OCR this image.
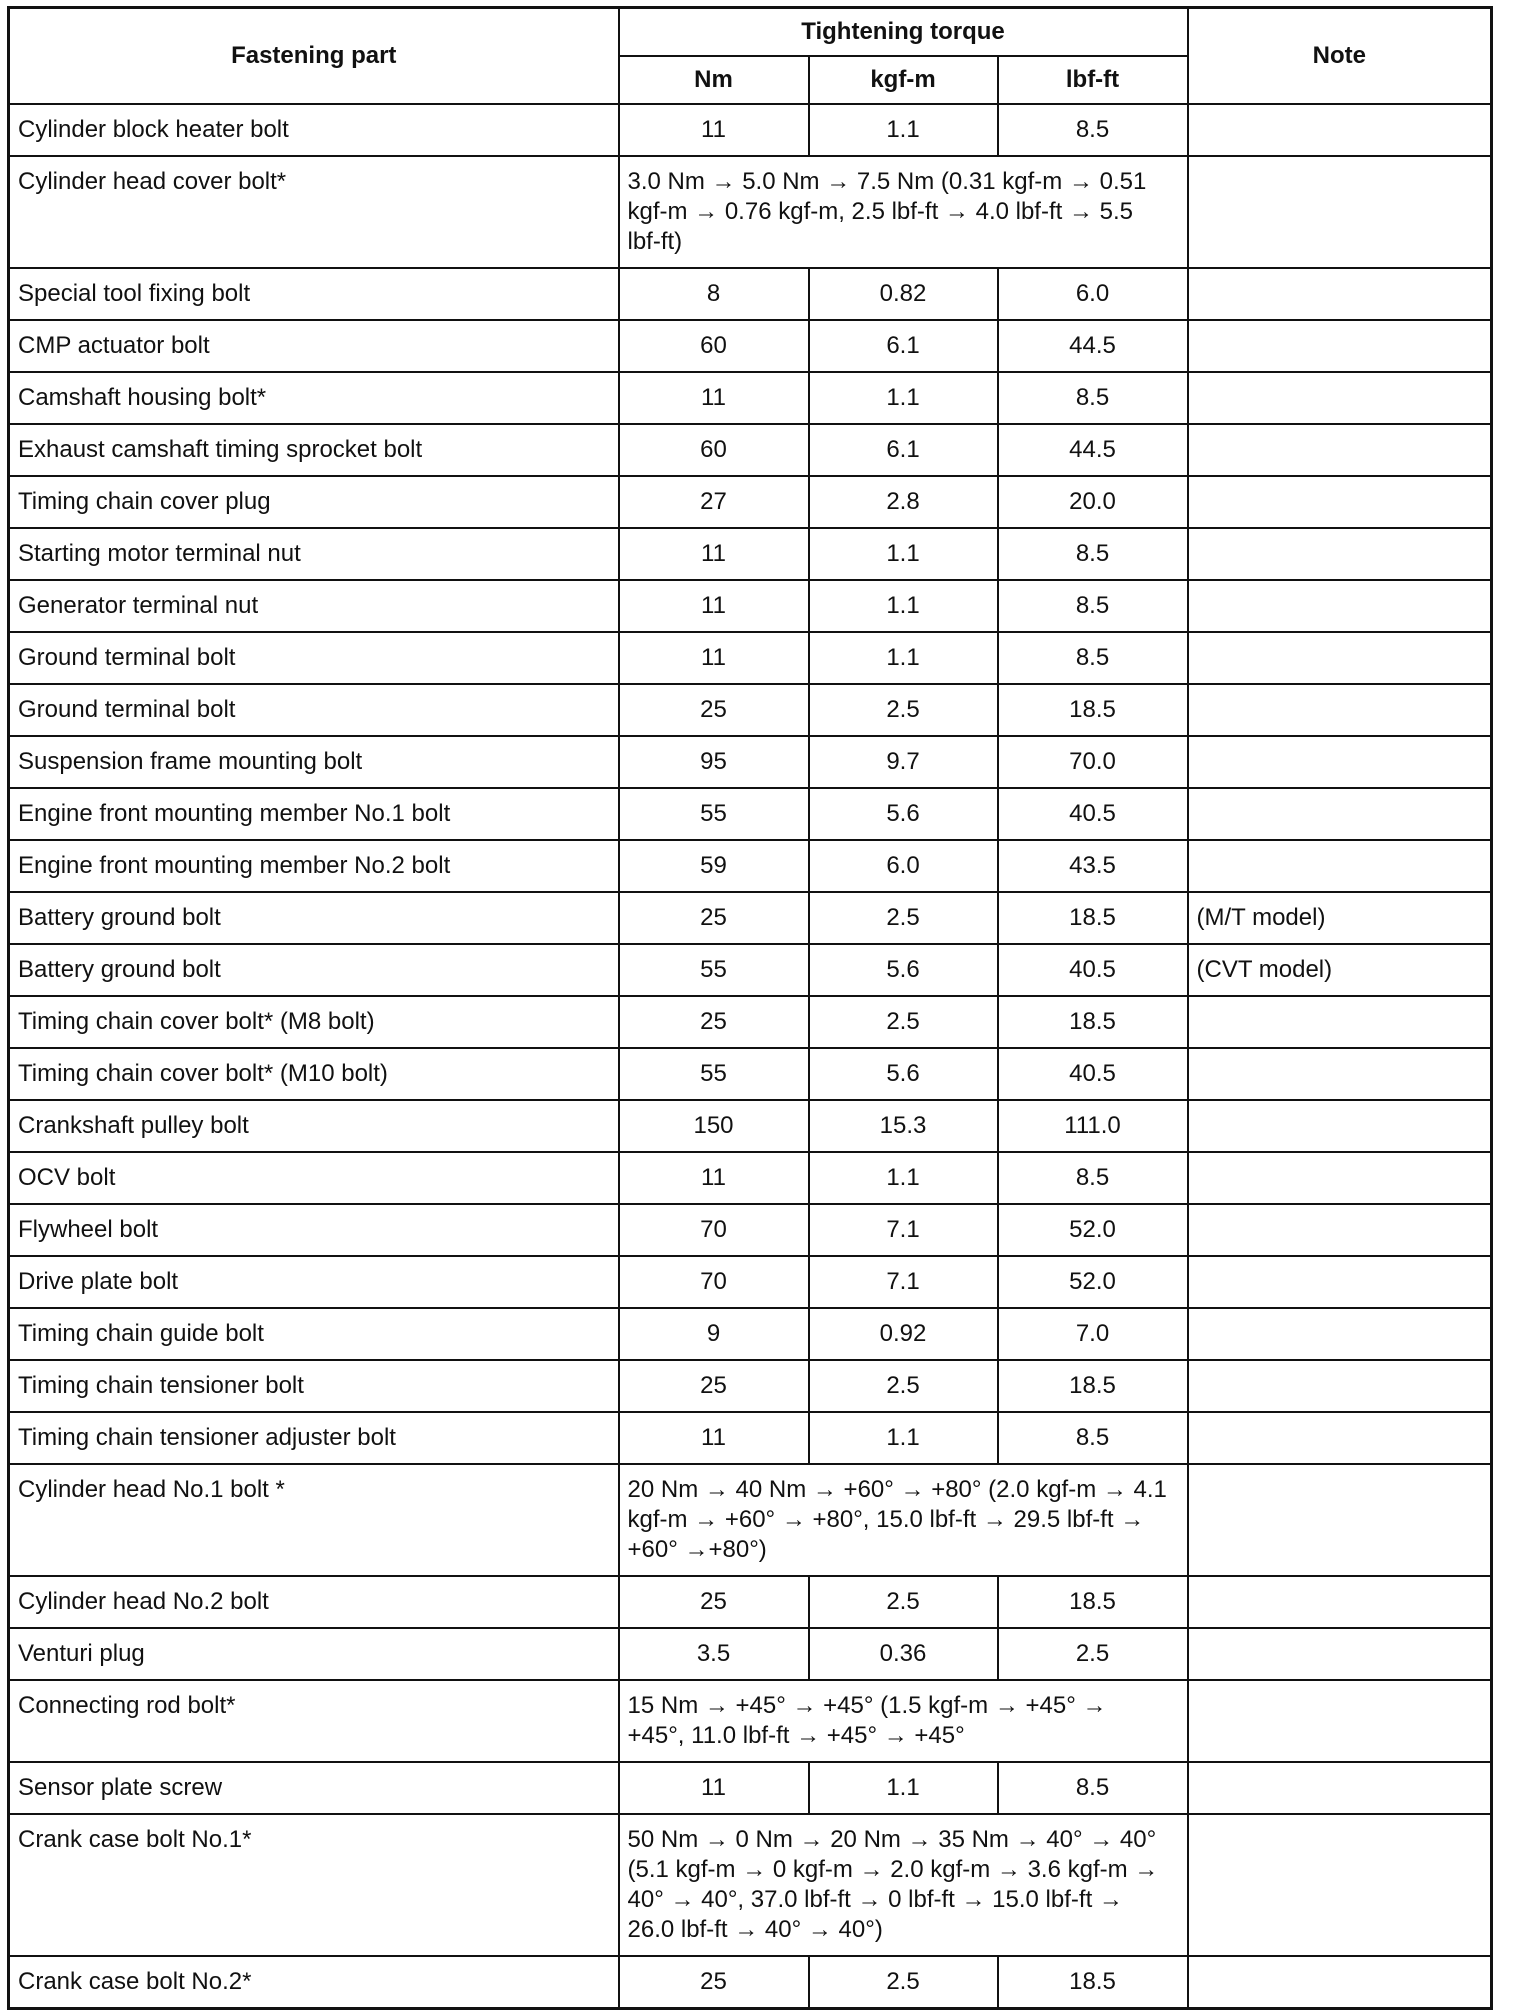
Fastening part	Tightening torque			Note
	Nm	kgf-m	lbf-ft	
Cylinder block heater bolt	11	1.1	8.5	
Cylinder head cover bolt*	3.0 Nm → 5.0 Nm → 7.5 Nm (0.31 kgf-m → 0.51 kgf-m → 0.76 kgf-m, 2.5 lbf-ft → 4.0 lbf-ft → 5.5 lbf-ft)			
Special tool fixing bolt	8	0.82	6.0	
CMP actuator bolt	60	6.1	44.5	
Camshaft housing bolt*	11	1.1	8.5	
Exhaust camshaft timing sprocket bolt	60	6.1	44.5	
Timing chain cover plug	27	2.8	20.0	
Starting motor terminal nut	11	1.1	8.5	
Generator terminal nut	11	1.1	8.5	
Ground terminal bolt	11	1.1	8.5	
Ground terminal bolt	25	2.5	18.5	
Suspension frame mounting bolt	95	9.7	70.0	
Engine front mounting member No.1 bolt	55	5.6	40.5	
Engine front mounting member No.2 bolt	59	6.0	43.5	
Battery ground bolt	25	2.5	18.5	(M/T model)
Battery ground bolt	55	5.6	40.5	(CVT model)
Timing chain cover bolt* (M8 bolt)	25	2.5	18.5	
Timing chain cover bolt* (M10 bolt)	55	5.6	40.5	
Crankshaft pulley bolt	150	15.3	111.0	
OCV bolt	11	1.1	8.5	
Flywheel bolt	70	7.1	52.0	
Drive plate bolt	70	7.1	52.0	
Timing chain guide bolt	9	0.92	7.0	
Timing chain tensioner bolt	25	2.5	18.5	
Timing chain tensioner adjuster bolt	11	1.1	8.5	
Cylinder head No.1 bolt *	20 Nm → 40 Nm → +60° → +80° (2.0 kgf-m → 4.1 kgf-m → +60° → +80°, 15.0 lbf-ft → 29.5 lbf-ft → +60° →+80°)			
Cylinder head No.2 bolt	25	2.5	18.5	
Venturi plug	3.5	0.36	2.5	
Connecting rod bolt*	15 Nm → +45° → +45° (1.5 kgf-m → +45° → +45°, 11.0 lbf-ft → +45° → +45°			
Sensor plate screw	11	1.1	8.5	
Crank case bolt No.1*	50 Nm → 0 Nm → 20 Nm → 35 Nm → 40° → 40° (5.1 kgf-m → 0 kgf-m → 2.0 kgf-m → 3.6 kgf-m → 40° → 40°, 37.0 lbf-ft → 0 lbf-ft → 15.0 lbf-ft → 26.0 lbf-ft → 40° → 40°)			
Crank case bolt No.2*	25	2.5	18.5	
